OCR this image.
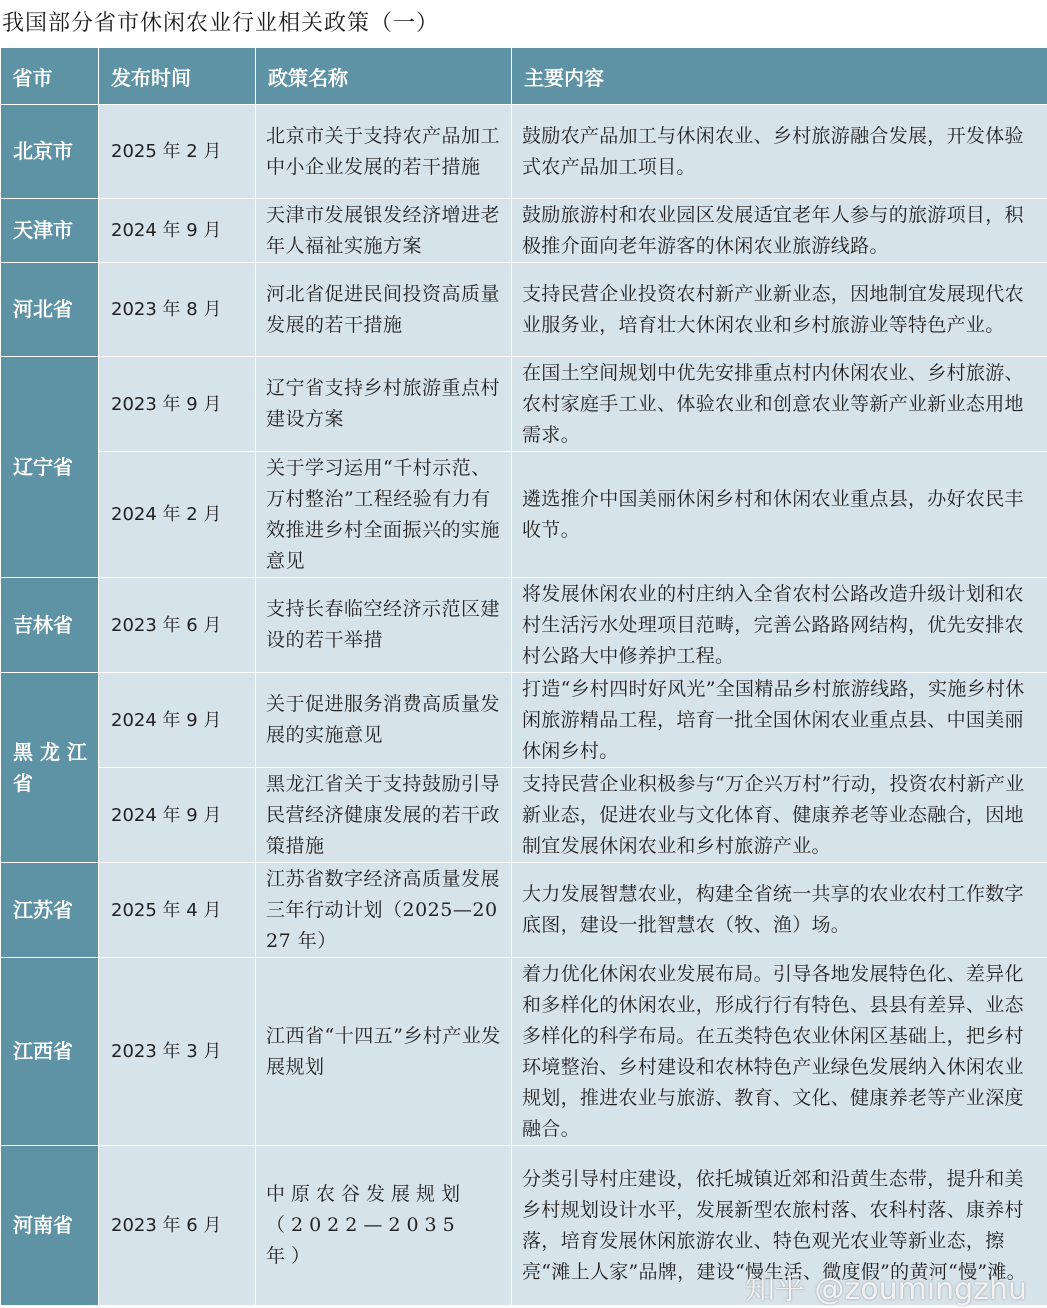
我国部分省市休闲农业行业相关政策（一）
省市	发布时间	政策名称	主要内容
北京市	2025 年 2 月	北京市关于支持农产品加工中小企业发展的若干措施	鼓励农产品加工与休闲农业、乡村旅游融合发展，开发体验式农产品加工项目。
天津市	2024 年 9 月	天津市发展银发经济增进老年人福祉实施方案	鼓励旅游村和农业园区发展适宜老年人参与的旅游项目，积极推介面向老年游客的休闲农业旅游线路。
河北省	2023 年 8 月	河北省促进民间投资高质量发展的若干措施	支持民营企业投资农村新产业新业态，因地制宜发展现代农业服务业，培育壮大休闲农业和乡村旅游业等特色产业。
辽宁省	2023 年 9 月	辽宁省支持乡村旅游重点村建设方案	在国土空间规划中优先安排重点村内休闲农业、乡村旅游、农村家庭手工业、体验农业和创意农业等新产业新业态用地需求。
	2024 年 2 月	关于学习运用“千村示范、万村整治”工程经验有力有效推进乡村全面振兴的实施意见	遴选推介中国美丽休闲乡村和休闲农业重点县，办好农民丰收节。
吉林省	2023 年 6 月	支持长春临空经济示范区建设的若干举措	将发展休闲农业的村庄纳入全省农村公路改造升级计划和农村生活污水处理项目范畴，完善公路路网结构，优先安排农村公路大中修养护工程。
黑 龙 江 省	2024 年 9 月	关于促进服务消费高质量发展的实施意见	打造“乡村四时好风光”全国精品乡村旅游线路，实施乡村休闲旅游精品工程，培育一批全国休闲农业重点县、中国美丽休闲乡村。
	2024 年 9 月	黑龙江省关于支持鼓励引导民营经济健康发展的若干政策措施	支持民营企业积极参与“万企兴万村”行动，投资农村新产业新业态，促进农业与文化体育、健康养老等业态融合，因地制宜发展休闲农业和乡村旅游产业。
江苏省	2025 年 4 月	江苏省数字经济高质量发展三年行动计划（2025—2027 年）	大力发展智慧农业，构建全省统一共享的农业农村工作数字底图，建设一批智慧农（牧、渔）场。
江西省	2023 年 3 月	江西省“十四五”乡村产业发展规划	着力优化休闲农业发展布局。引导各地发展特色化、差异化和多样化的休闲农业，形成行行有特色、县县有差异、业态多样化的科学布局。在五类特色农业休闲区基础上，把乡村环境整治、乡村建设和农林特色产业绿色发展纳入休闲农业规划，推进农业与旅游、教育、文化、健康养老等产业深度融合。
河南省	2023 年 6 月	中原农谷发展规划（2022—2035 年）	分类引导村庄建设，依托城镇近郊和沿黄生态带，提升和美乡村规划设计水平，发展新型农旅村落、农科村落、康养村落，培育发展休闲旅游农业、特色观光农业等新业态，擦亮“滩上人家”品牌，建设“慢生活、微度假”的黄河“慢”滩。
知乎 @zoumingzhu
